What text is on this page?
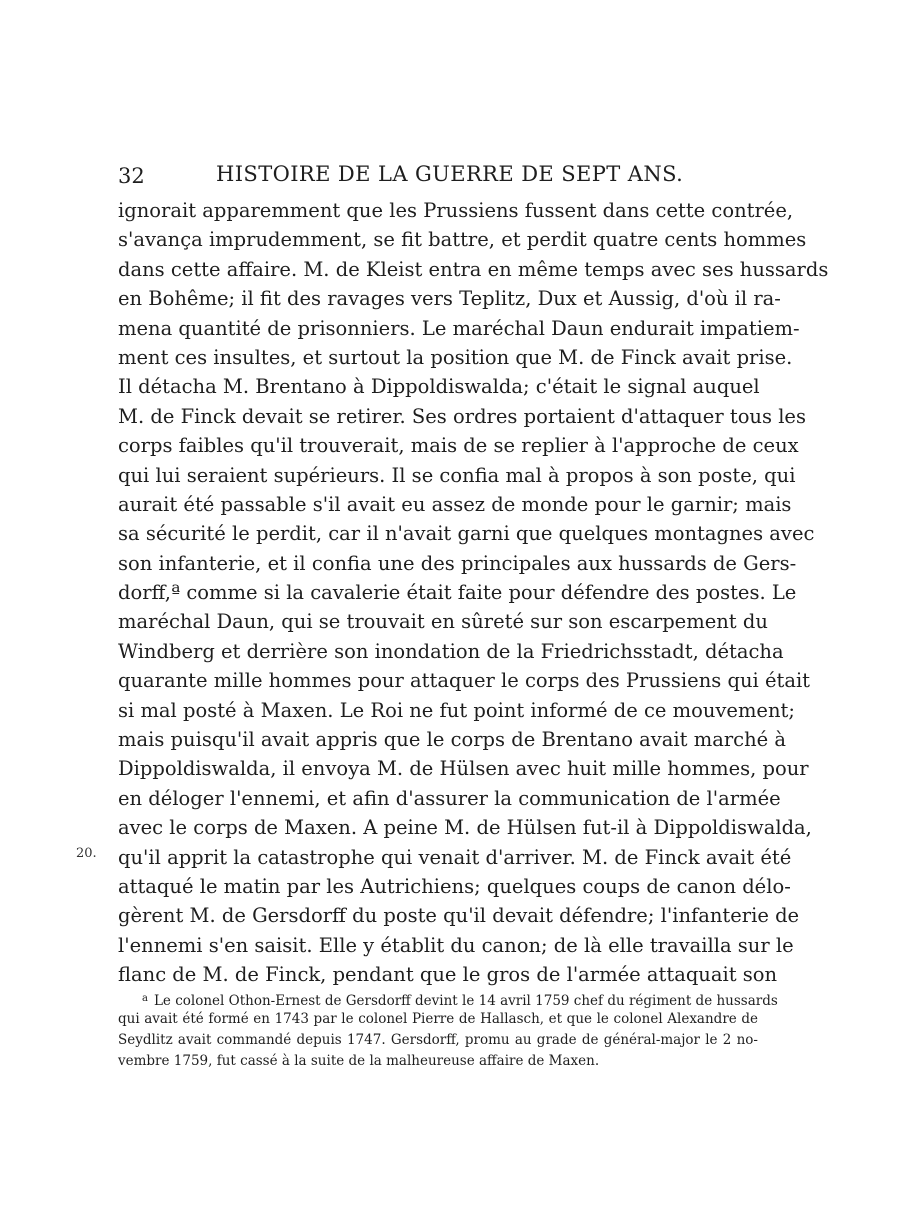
32	HISTOIRE DE LA GUERRE DE SEPT ANS.
ignorait apparemment que les Prussiens fussent dans cette contrée,
s'avança imprudemment, se fit battre, et perdit quatre cents hommes
dans cette affaire. M. de Kleist entra en même temps avec ses hussards
en Bohême; il fit des ravages vers Teplitz, Dux et Aussig, d'où il ra-
mena quantité de prisonniers. Le maréchal Daun endurait impatiem-
ment ces insultes, et surtout la position que M. de Finck avait prise.
Il détacha M. Brentano à Dippoldiswalda; c'était le signal auquel
M. de Finck devait se retirer. Ses ordres portaient d'attaquer tous les
corps faibles qu'il trouverait, mais de se replier à l'approche de ceux
qui lui seraient supérieurs. Il se confia mal à propos à son poste, qui
aurait été passable s'il avait eu assez de monde pour le garnir; mais
sa sécurité le perdit, car il n'avait garni que quelques montagnes avec
son infanterie, et il confia une des principales aux hussards de Gers-
dorff,ª comme si la cavalerie était faite pour défendre des postes. Le
maréchal Daun, qui se trouvait en sûreté sur son escarpement du
Windberg et derrière son inondation de la Friedrichsstadt, détacha
quarante mille hommes pour attaquer le corps des Prussiens qui était
si mal posté à Maxen. Le Roi ne fut point informé de ce mouvement;
mais puisqu'il avait appris que le corps de Brentano avait marché à
Dippoldiswalda, il envoya M. de Hülsen avec huit mille hommes, pour
en déloger l'ennemi, et afin d'assurer la communication de l'armée
avec le corps de Maxen. A peine M. de Hülsen fut-il à Dippoldiswalda,
qu'il apprit la catastrophe qui venait d'arriver. M. de Finck avait été
attaqué le matin par les Autrichiens; quelques coups de canon délo-
gèrent M. de Gersdorff du poste qu'il devait défendre; l'infanterie de
l'ennemi s'en saisit. Elle y établit du canon; de là elle travailla sur le
flanc de M. de Finck, pendant que le gros de l'armée attaquait son
20.
$^a$ Le colonel Othon-Ernest de Gersdorff devint le 14 avril 1759 chef du régiment de hussards
qui avait été formé en 1743 par le colonel Pierre de Hallasch, et que le colonel Alexandre de
Seydlitz avait commandé depuis 1747. Gersdorff, promu au grade de général-major le 2 no-
vembre 1759, fut cassé à la suite de la malheureuse affaire de Maxen.
